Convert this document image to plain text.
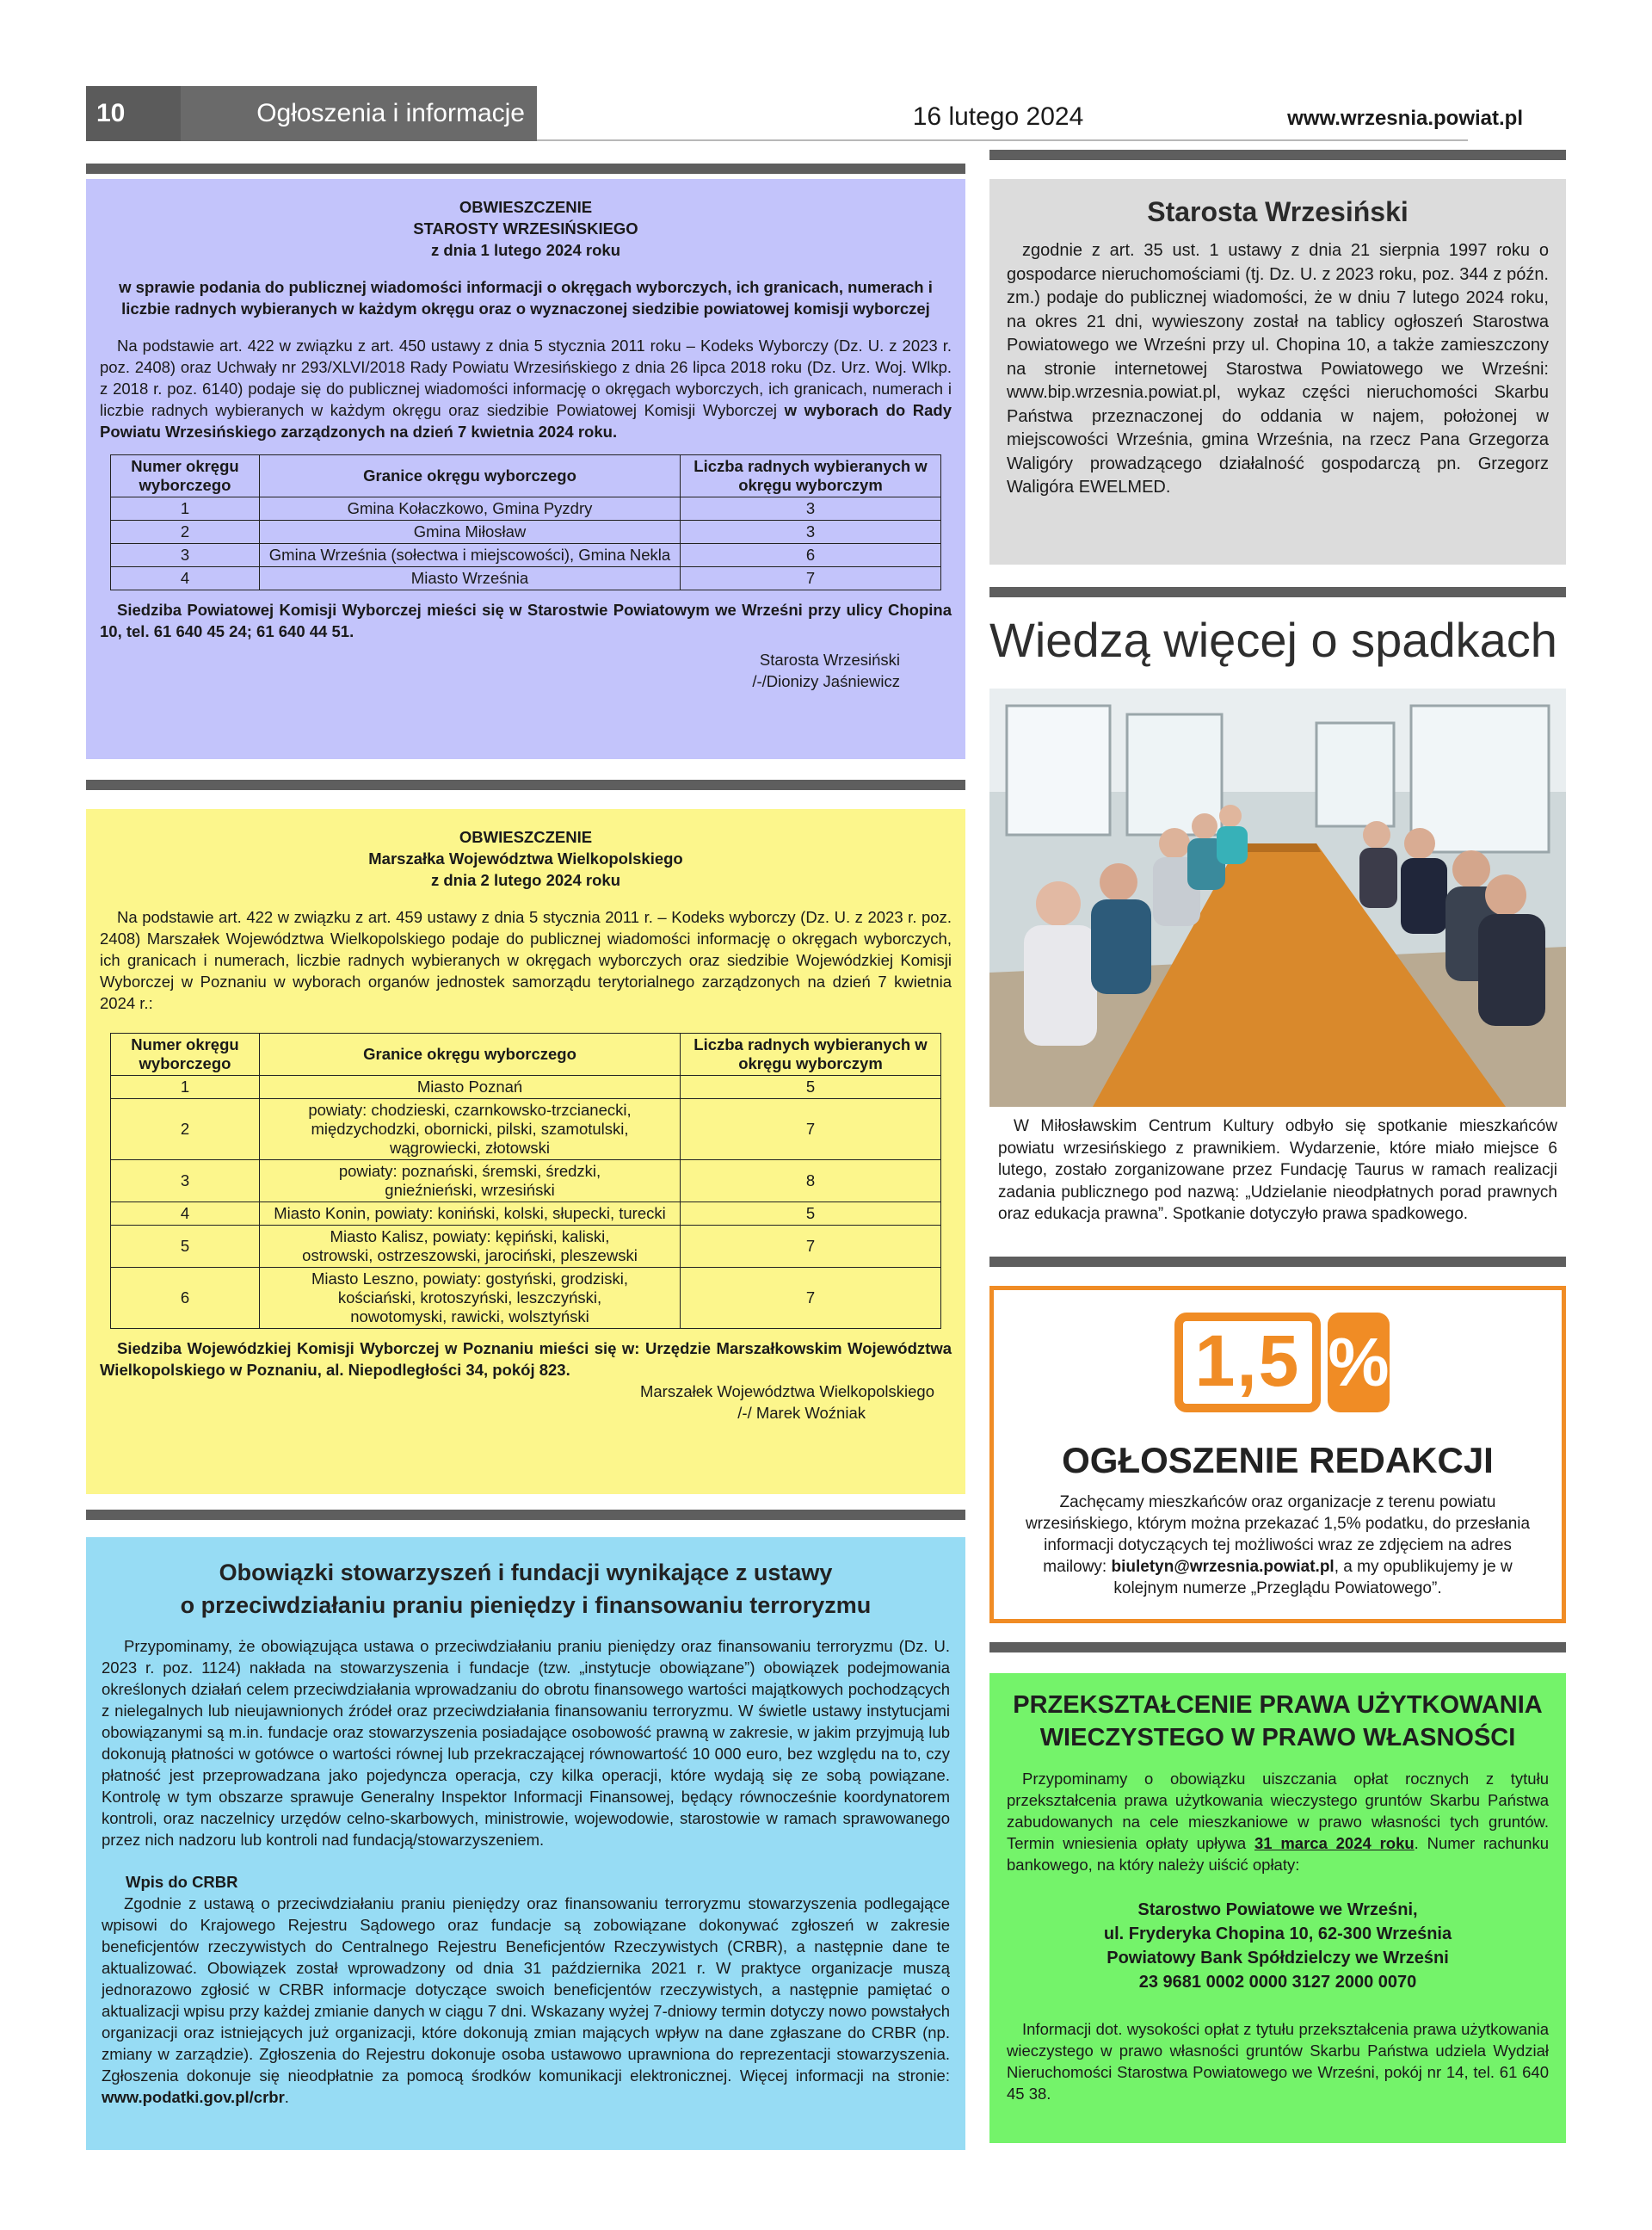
10	Ogłoszenia i informacje	16 lutego 2024	www.wrzesnia.powiat.pl

OBWIESZCZENIE

STAROSTY WRZESIŃSKIEGO

z dnia 1 lutego 2024 roku

w sprawie podania do publicznej wiadomości informacji o okręgach wyborczych, ich granicach, numerach i liczbie radnych wybieranych w każdym okręgu oraz o wyznaczonej siedzibie powiatowej komisji wyborczej

Na podstawie art. 422 w związku z art. 450 ustawy z dnia 5 stycznia 2011 roku – Kodeks Wyborczy (Dz. U. z 2023 r. poz. 2408) oraz Uchwały nr 293/XLVI/2018 Rady Powiatu Wrzesińskiego z dnia 26 lipca 2018 roku (Dz. Urz. Woj. Wlkp. z 2018 r. poz. 6140) podaje się do publicznej wiadomości informację o okręgach wyborczych, ich granicach, numerach i liczbie radnych wybieranych w każdym okręgu oraz siedzibie Powiatowej Komisji Wyborczej w wyborach do Rady Powiatu Wrzesińskiego zarządzonych na dzień 7 kwietnia 2024 roku.

Numer okręgu wyborczego	Granice okręgu wyborczego	Liczba radnych wybieranych w okręgu wyborczym
1	Gmina Kołaczkowo, Gmina Pyzdry	3
2	Gmina Miłosław	3
3	Gmina Września (sołectwa i miejscowości), Gmina Nekla	6
4	Miasto Września	7

Siedziba Powiatowej Komisji Wyborczej mieści się w Starostwie Powiatowym we Wrześni przy ulicy Chopina 10, tel. 61 640 45 24; 61 640 44 51.

Starosta Wrzesiński

/-/Dionizy Jaśniewicz

OBWIESZCZENIE

Marszałka Województwa Wielkopolskiego

z dnia 2 lutego 2024 roku

Na podstawie art. 422 w związku z art. 459 ustawy z dnia 5 stycznia 2011 r. – Kodeks wyborczy (Dz. U. z 2023 r. poz. 2408) Marszałek Województwa Wielkopolskiego podaje do publicznej wiadomości informację o okręgach wyborczych, ich granicach i numerach, liczbie radnych wybieranych w okręgach wyborczych oraz siedzibie Wojewódzkiej Komisji Wyborczej w Poznaniu w wyborach organów jednostek samorządu terytorialnego zarządzonych na dzień 7 kwietnia 2024 r.:

Numer okręgu wyborczego	Granice okręgu wyborczego	Liczba radnych wybieranych w okręgu wyborczym
1	Miasto Poznań	5
2	powiaty: chodzieski, czarnkowsko-trzcianecki, międzychodzki, obornicki, pilski, szamotulski, wągrowiecki, złotowski	7
3	powiaty: poznański, śremski, średzki, gnieźnieński, wrzesiński	8
4	Miasto Konin, powiaty: koniński, kolski, słupecki, turecki	5
5	Miasto Kalisz, powiaty: kępiński, kaliski, ostrowski, ostrzeszowski, jarociński, pleszewski	7
6	Miasto Leszno, powiaty: gostyński, grodziski, kościański, krotoszyński, leszczyński, nowotomyski, rawicki, wolsztyński	7

Siedziba Wojewódzkiej Komisji Wyborczej w Poznaniu mieści się w: Urzędzie Marszałkowskim Województwa Wielkopolskiego w Poznaniu, al. Niepodległości 34, pokój 823.

Marszałek Województwa Wielkopolskiego

/-/ Marek Woźniak

Obowiązki stowarzyszeń i fundacji wynikające z ustawy

o przeciwdziałaniu praniu pieniędzy i finansowaniu terroryzmu

Przypominamy, że obowiązująca ustawa o przeciwdziałaniu praniu pieniędzy oraz finansowaniu terroryzmu (Dz. U. 2023 r. poz. 1124) nakłada na stowarzyszenia i fundacje (tzw. „instytucje obowiązane”) obowiązek podejmowania określonych działań celem przeciwdziałania wprowadzaniu do obrotu finansowego wartości majątkowych pochodzących z nielegalnych lub nieujawnionych źródeł oraz przeciwdziałania finansowaniu terroryzmu. W świetle ustawy instytucjami obowiązanymi są m.in. fundacje oraz stowarzyszenia posiadające osobowość prawną w zakresie, w jakim przyjmują lub dokonują płatności w gotówce o wartości równej lub przekraczającej równowartość 10 000 euro, bez względu na to, czy płatność jest przeprowadzana jako pojedyncza operacja, czy kilka operacji, które wydają się ze sobą powiązane. Kontrolę w tym obszarze sprawuje Generalny Inspektor Informacji Finansowej, będący równocześnie koordynatorem kontroli, oraz naczelnicy urzędów celno-skarbowych, ministrowie, wojewodowie, starostowie w ramach sprawowanego przez nich nadzoru lub kontroli nad fundacją/stowarzyszeniem.

Wpis do CRBR

Zgodnie z ustawą o przeciwdziałaniu praniu pieniędzy oraz finansowaniu terroryzmu stowarzyszenia podlegające wpisowi do Krajowego Rejestru Sądowego oraz fundacje są zobowiązane dokonywać zgłoszeń w zakresie beneficjentów rzeczywistych do Centralnego Rejestru Beneficjentów Rzeczywistych (CRBR), a następnie dane te aktualizować. Obowiązek został wprowadzony od dnia 31 października 2021 r. W praktyce organizacje muszą jednorazowo zgłosić w CRBR informacje dotyczące swoich beneficjentów rzeczywistych, a następnie pamiętać o aktualizacji wpisu przy każdej zmianie danych w ciągu 7 dni. Wskazany wyżej 7-dniowy termin dotyczy nowo powstałych organizacji oraz istniejących już organizacji, które dokonują zmian mających wpływ na dane zgłaszane do CRBR (np. zmiany w zarządzie). Zgłoszenia do Rejestru dokonuje osoba ustawowo uprawniona do reprezentacji stowarzyszenia. Zgłoszenia dokonuje się nieodpłatnie za pomocą środków komunikacji elektronicznej. Więcej informacji na stronie: www.podatki.gov.pl/crbr.

Starosta Wrzesiński

zgodnie z art. 35 ust. 1 ustawy z dnia 21 sierpnia 1997 roku o gospodarce nieruchomościami (tj. Dz. U. z 2023 roku, poz. 344 z późn. zm.) podaje do publicznej wiadomości, że w dniu 7 lutego 2024 roku, na okres 21 dni, wywieszony został na tablicy ogłoszeń Starostwa Powiatowego we Wrześni przy ul. Chopina 10, a także zamieszczony na stronie internetowej Starostwa Powiatowego we Wrześni: www.bip.wrzesnia.powiat.pl, wykaz części nieruchomości Skarbu Państwa przeznaczonej do oddania w najem, położonej w miejscowości Września, gmina Września, na rzecz Pana Grzegorza Waligóry prowadzącego działalność gospodarczą pn. Grzegorz Waligóra EWELMED.

Wiedzą więcej o spadkach

W Miłosławskim Centrum Kultury odbyło się spotkanie mieszkańców powiatu wrzesińskiego z prawnikiem. Wydarzenie, które miało miejsce 6 lutego, zostało zorganizowane przez Fundację Taurus w ramach realizacji zadania publicznego pod nazwą: „Udzielanie nieodpłatnych porad prawnych oraz edukacja prawna”. Spotkanie dotyczyło prawa spadkowego.

1,5 %
OGŁOSZENIE REDAKCJI

Zachęcamy mieszkańców oraz organizacje z terenu powiatu wrzesińskiego, którym można przekazać 1,5% podatku, do przesłania informacji dotyczących tej możliwości wraz ze zdjęciem na adres mailowy: biuletyn@wrzesnia.powiat.pl, a my opublikujemy je w kolejnym numerze „Przeglądu Powiatowego”.

PRZEKSZTAŁCENIE PRAWA UŻYTKOWANIA

WIECZYSTEGO W PRAWO WŁASNOŚCI

Przypominamy o obowiązku uiszczania opłat rocznych z tytułu przekształcenia prawa użytkowania wieczystego gruntów Skarbu Państwa zabudowanych na cele mieszkaniowe w prawo własności tych gruntów. Termin wniesienia opłaty upływa 31 marca 2024 roku. Numer rachunku bankowego, na który należy uiścić opłaty:

Starostwo Powiatowe we Wrześni,

ul. Fryderyka Chopina 10, 62-300 Września

Powiatowy Bank Spółdzielczy we Wrześni

23 9681 0002 0000 3127 2000 0070

Informacji dot. wysokości opłat z tytułu przekształcenia prawa użytkowania wieczystego w prawo własności gruntów Skarbu Państwa udziela Wydział Nieruchomości Starostwa Powiatowego we Wrześni, pokój nr 14, tel. 61 640 45 38.
